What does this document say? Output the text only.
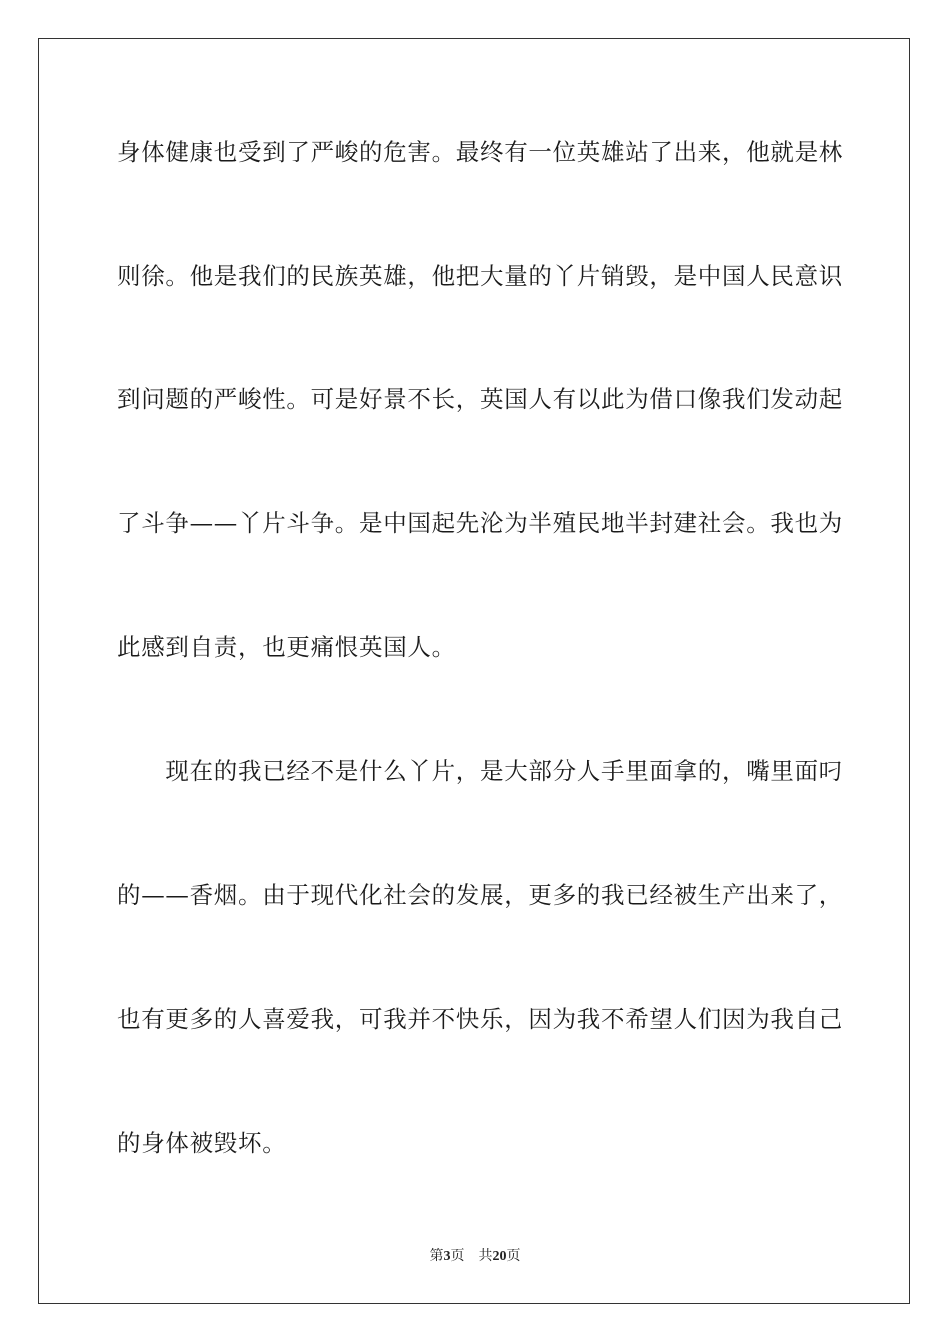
身体健康也受到了严峻的危害。最终有一位英雄站了出来，他就是林
则徐。他是我们的民族英雄，他把大量的丫片销毁，是中国人民意识
到问题的严峻性。可是好景不长，英国人有以此为借口像我们发动起
了斗争——丫片斗争。是中国起先沦为半殖民地半封建社会。我也为
此感到自责，也更痛恨英国人。
　　现在的我已经不是什么丫片，是大部分人手里面拿的，嘴里面叼
的——香烟。由于现代化社会的发展，更多的我已经被生产出来了，
也有更多的人喜爱我，可我并不快乐，因为我不希望人们因为我自己
的身体被毁坏。
第3页 共20页
